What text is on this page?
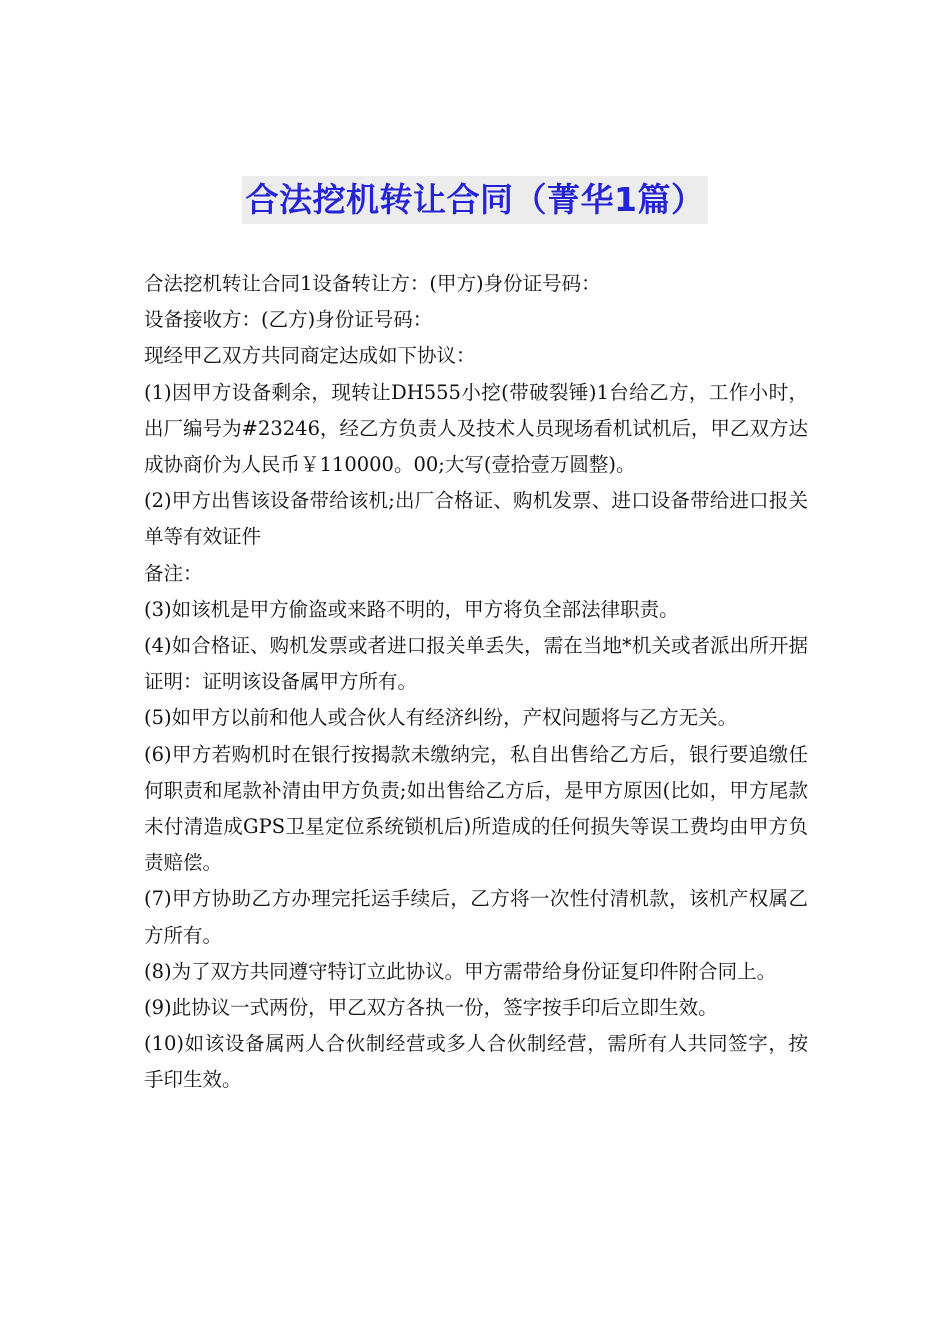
合法挖机转让合同（菁华1篇）

合法挖机转让合同1设备转让方：(甲方)身份证号码：

设备接收方：(乙方)身份证号码：

现经甲乙双方共同商定达成如下协议：

(1)因甲方设备剩余，现转让DH555小挖(带破裂锤)1台给乙方，工作小时，出厂编号为#23246，经乙方负责人及技术人员现场看机试机后，甲乙双方达成协商价为人民币￥110000。00;大写(壹拾壹万圆整)。

(2)甲方出售该设备带给该机;出厂合格证、购机发票、进口设备带给进口报关单等有效证件

备注：

(3)如该机是甲方偷盗或来路不明的，甲方将负全部法律职责。

(4)如合格证、购机发票或者进口报关单丢失，需在当地*机关或者派出所开据证明：证明该设备属甲方所有。

(5)如甲方以前和他人或合伙人有经济纠纷，产权问题将与乙方无关。

(6)甲方若购机时在银行按揭款未缴纳完，私自出售给乙方后，银行要追缴任何职责和尾款补清由甲方负责;如出售给乙方后，是甲方原因(比如，甲方尾款未付清造成GPS卫星定位系统锁机后)所造成的任何损失等误工费均由甲方负责赔偿。

(7)甲方协助乙方办理完托运手续后，乙方将一次性付清机款，该机产权属乙方所有。

(8)为了双方共同遵守特订立此协议。甲方需带给身份证复印件附合同上。

(9)此协议一式两份，甲乙双方各执一份，签字按手印后立即生效。

(10)如该设备属两人合伙制经营或多人合伙制经营，需所有人共同签字，按手印生效。
